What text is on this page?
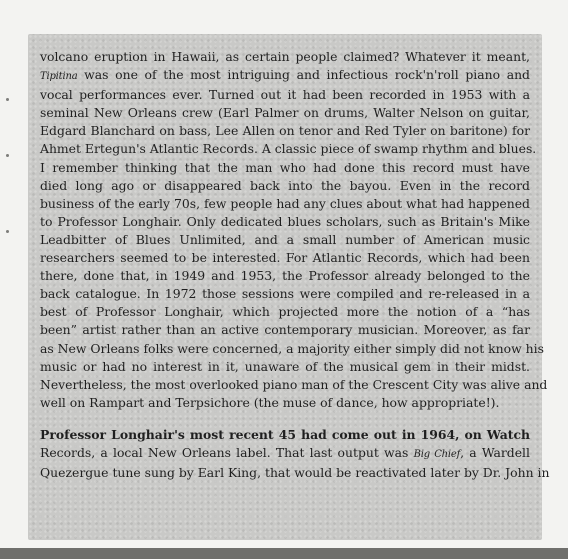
volcano eruption in Hawaii, as certain people claimed? Whatever it meant,
Tipitina was one of the most intriguing and infectious rock'n'roll piano and
vocal performances ever. Turned out it had been recorded in 1953 with a
seminal New Orleans crew (Earl Palmer on drums, Walter Nelson on guitar,
Edgard Blanchard on bass, Lee Allen on tenor and Red Tyler on baritone) for
Ahmet Ertegun's Atlantic Records. A classic piece of swamp rhythm and blues.
I remember thinking that the man who had done this record must have
died long ago or disappeared back into the bayou. Even in the record
business of the early 70s, few people had any clues about what had happened
to Professor Longhair. Only dedicated blues scholars, such as Britain's Mike
Leadbitter of Blues Unlimited, and a small number of American music
researchers seemed to be interested. For Atlantic Records, which had been
there, done that, in 1949 and 1953, the Professor already belonged to the
back catalogue. In 1972 those sessions were compiled and re-released in a
best of Professor Longhair, which projected more the notion of a “has
been” artist rather than an active contemporary musician. Moreover, as far
as New Orleans folks were concerned, a majority either simply did not know his
music or had no interest in it, unaware of the musical gem in their midst.
Nevertheless, the most overlooked piano man of the Crescent City was alive and
well on Rampart and Terpsichore (the muse of dance, how appropriate!).
Professor Longhair's most recent 45 had come out in 1964, on Watch
Records, a local New Orleans label. That last output was Big Chief, a Wardell
Quezergue tune sung by Earl King, that would be reactivated later by Dr. John in
